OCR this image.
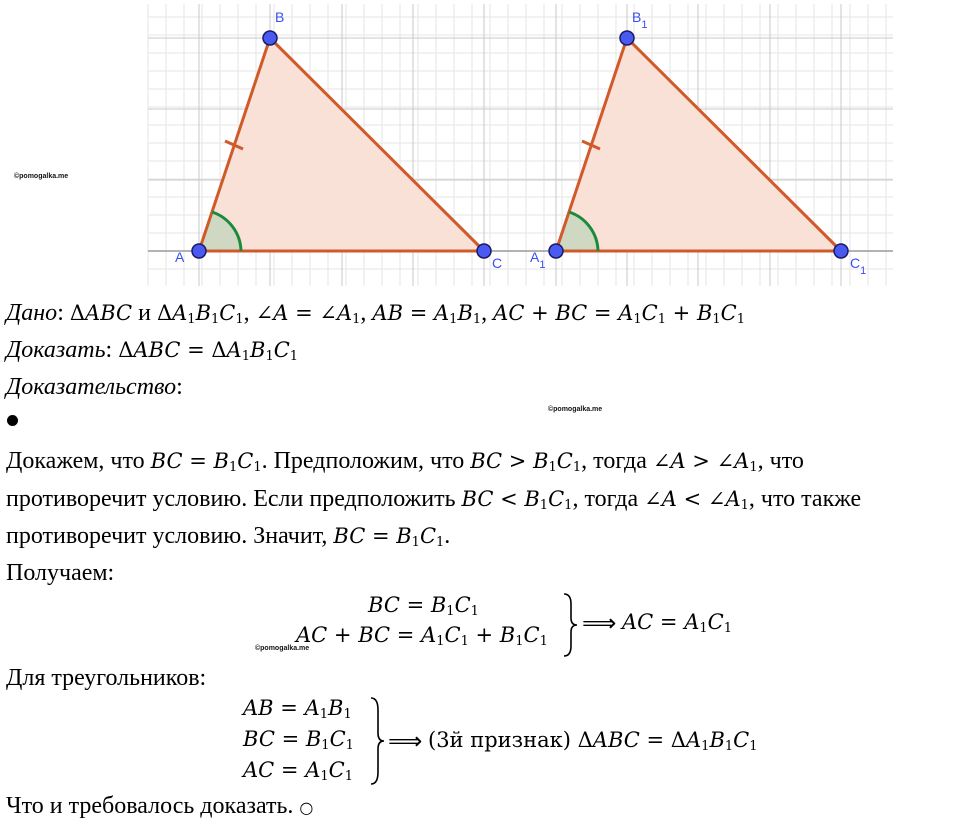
A
B
C $A_1$
$B_1$
$C_1$
©pomogalka.me
©pomogalka.me
©pomogalka.me
Дано: ΔABC и $\Delta A_1B_1C_1$, ∠A = $\angle A_1$, AB = $A_1B_1$, AC + BC = $A_1C_1 + B_1C_1$
Доказать: $\Delta ABC = \Delta A_1B_1C_1$
Доказательство:
Докажем, что BC = $B_1C_1$. Предположим, что BC > $B_1C_1$, тогда ∠A > $\angle A_1$, что
противоречит условию. Если предположить BC < $B_1C_1$, тогда ∠A < $\angle A_1$, что также
противоречит условию. Значит, BC = $B_1C_1$.
Получаем:
BC = $B_1C_1$
AC + BC = $A_1C_1 + B_1C_1$
⟹ AC = $A_1C_1$
Для треугольников:
AB = $A_1B_1$
BC = $B_1C_1$
AC = $A_1C_1$
⟹ (3й признак) $\Delta ABC = \Delta A_1B_1C_1$
Что и требовалось доказать. ○
